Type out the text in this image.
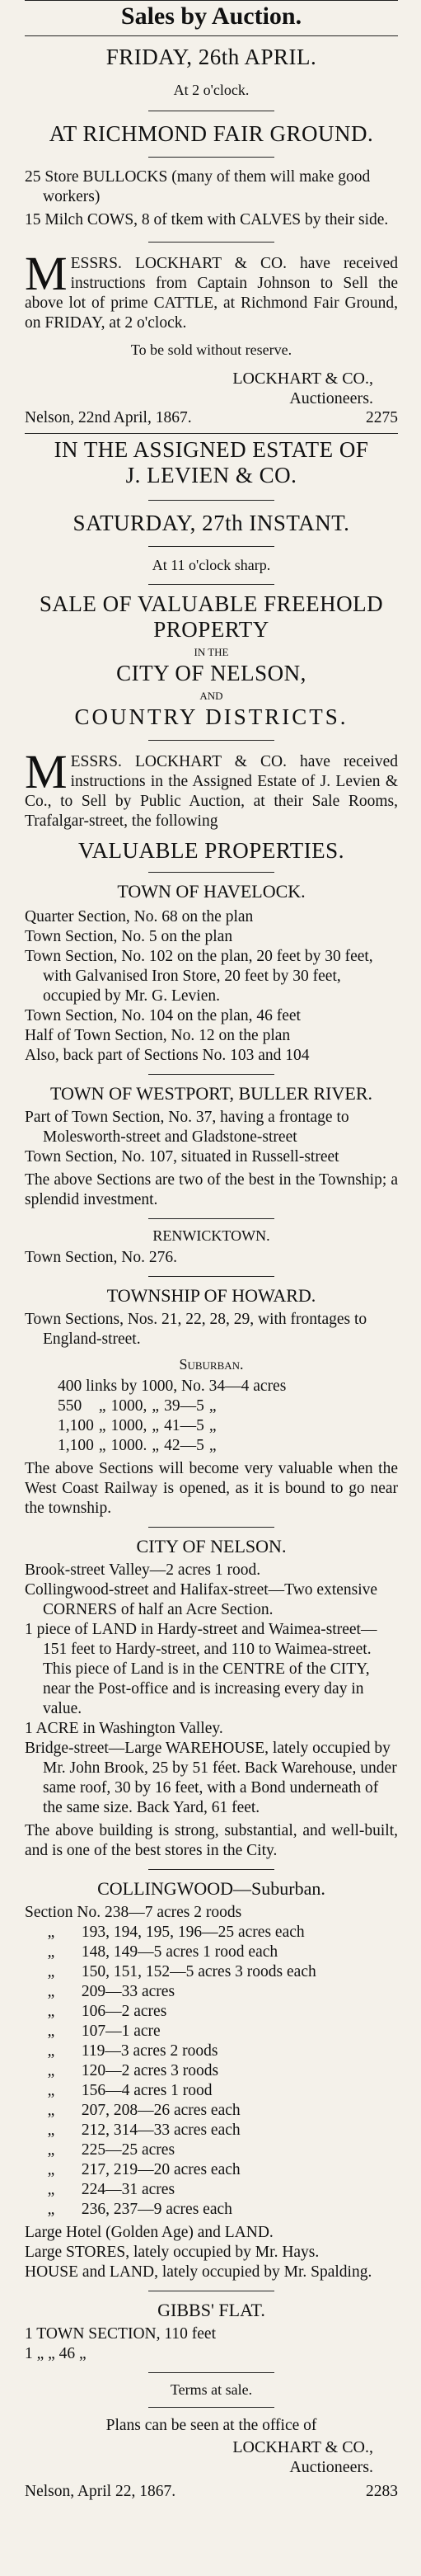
Sales by Auction.
FRIDAY, 26th APRIL.
At 2 o'clock.
AT RICHMOND FAIR GROUND.

25 Store BULLOCKS (many of them will make good workers)

15 Milch COWS, 8 of tkem with CALVES by their side.

MESSRS. LOCKHART & CO. have received instructions from Captain Johnson to Sell the above lot of prime CATTLE, at Richmond Fair Ground, on FRIDAY, at 2 o'clock.

To be sold without reserve.

LOCKHART & CO.,
Auctioneers.
Nelson, 22nd April, 1867.	2275
IN THE ASSIGNED ESTATE OF
J. LEVIEN & CO.
SATURDAY, 27th INSTANT.
At 11 o'clock sharp.
SALE OF VALUABLE FREEHOLD
PROPERTY
IN THE
CITY OF NELSON,
AND
COUNTRY DISTRICTS.

MESSRS. LOCKHART & CO. have received instructions in the Assigned Estate of J. Levien & Co., to Sell by Public Auction, at their Sale Rooms, Trafalgar-street, the following

VALUABLE PROPERTIES.
TOWN OF HAVELOCK.

Quarter Section, No. 68 on the plan

Town Section, No. 5 on the plan

Town Section, No. 102 on the plan, 20 feet by 30 feet, with Galvanised Iron Store, 20 feet by 30 feet, occupied by Mr. G. Levien.

Town Section, No. 104 on the plan, 46 feet

Half of Town Section, No. 12 on the plan

Also, back part of Sections No. 103 and 104

TOWN OF WESTPORT, BULLER RIVER.

Part of Town Section, No. 37, having a frontage to Molesworth-street and Gladstone-street

Town Section, No. 107, situated in Russell-street

The above Sections are two of the best in the Township; a splendid investment.

RENWICKTOWN.

Town Section, No. 276.

TOWNSHIP OF HOWARD.

Town Sections, Nos. 21, 22, 28, 29, with frontages to England-street.

Suburban.

400 links by 1000, No. 34—4 acres

550	„	1000,	„	39—5	„
1,100	„	1000,	„	41—5	„
1,100	„	1000.	„	42—5	„

The above Sections will become very valuable when the West Coast Railway is opened, as it is bound to go near the township.

CITY OF NELSON.

Brook-street Valley—2 acres 1 rood.

Collingwood-street and Halifax-street—Two extensive CORNERS of half an Acre Section.

1 piece of LAND in Hardy-street and Waimea-street—151 feet to Hardy-street, and 110 to Waimea-street. This piece of Land is in the CENTRE of the CITY, near the Post-office and is increasing every day in value.

1 ACRE in Washington Valley.

Bridge-street—Large WAREHOUSE, lately occupied by Mr. John Brook, 25 by 51 féet. Back Warehouse, under same roof, 30 by 16 feet, with a Bond underneath of the same size. Back Yard, 61 feet.

The above building is strong, substantial, and well-built, and is one of the best stores in the City.

COLLINGWOOD—Suburban.

Section No. 238—7 acres 2 roods

„ 193, 194, 195, 196—25 acres each
„ 148, 149—5 acres 1 rood each
„ 150, 151, 152—5 acres 3 roods each
„ 209—33 acres
„ 106—2 acres
„ 107—1 acre
„ 119—3 acres 2 roods
„ 120—2 acres 3 roods
„ 156—4 acres 1 rood
„ 207, 208—26 acres each
„ 212, 314—33 acres each
„ 225—25 acres
„ 217, 219—20 acres each
„ 224—31 acres
„ 236, 237—9 acres each

Large Hotel (Golden Age) and LAND.

Large STORES, lately occupied by Mr. Hays.

HOUSE and LAND, lately occupied by Mr. Spalding.

GIBBS' FLAT.

1 TOWN SECTION, 110 feet

1 „ „ 46 „

Terms at sale.

Plans can be seen at the office of

LOCKHART & CO.,
Auctioneers.
Nelson, April 22, 1867.	2283
